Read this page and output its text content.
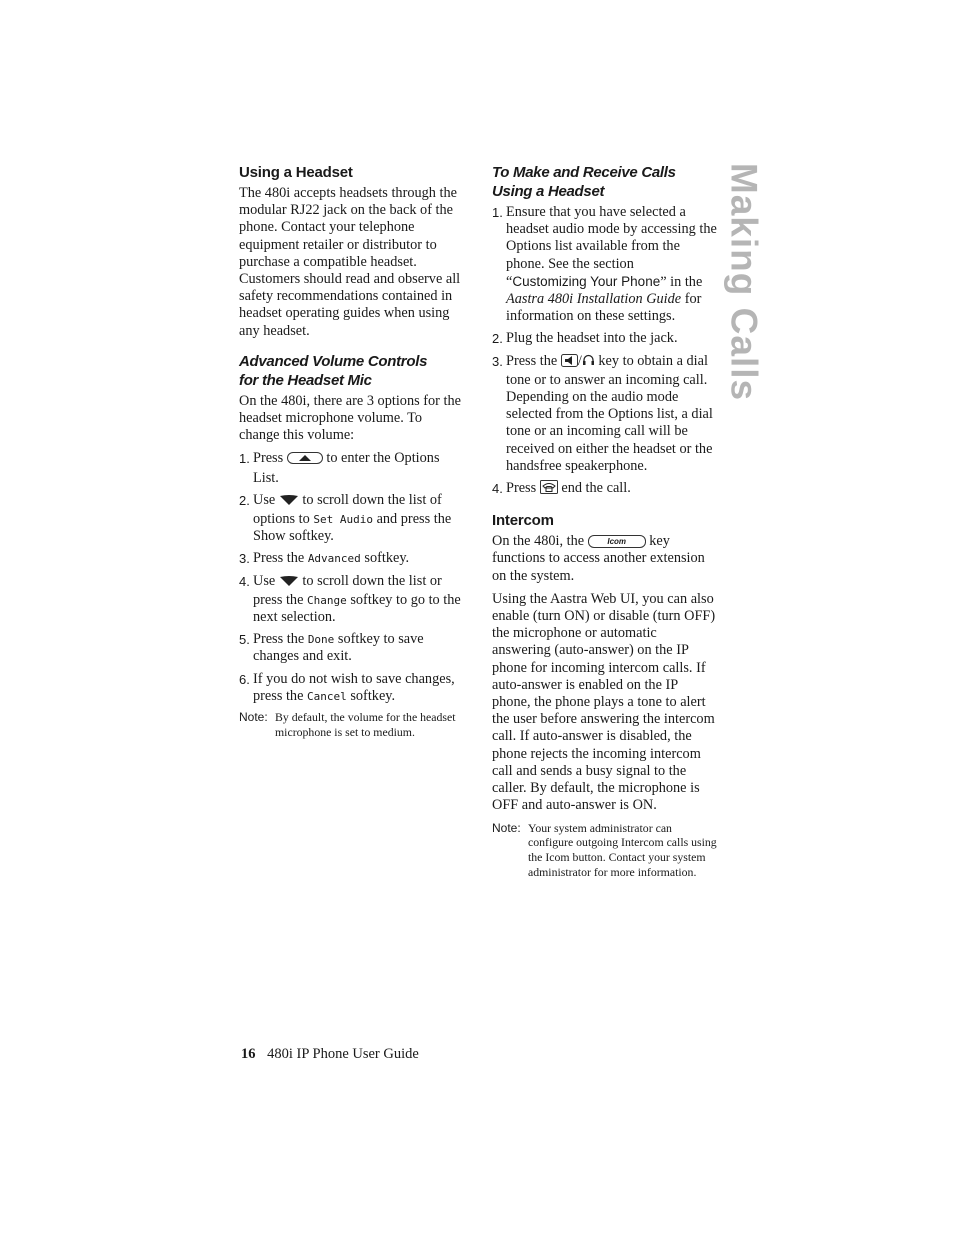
Using a Headset

The 480i accepts headsets through the modular RJ22 jack on the back of the phone. Contact your telephone equipment retailer or distributor to purchase a compatible headset. Customers should read and observe all safety recommendations contained in headset operating guides when using any headset.

Advanced Volume Controls
for the Headset Mic

On the 480i, there are 3 options for the headset microphone volume. To change this volume:

1. Press	to enter the Options List.
2. Use to scroll down the list of options to Set Audio and press the Show softkey.
3. Press the Advanced softkey.
4. Use to scroll down the list or press the Change softkey to go to the next selection.
5. Press the Done softkey to save changes and exit.
6. If you do not wish to save changes, press the Cancel softkey.
Note: By default, the volume for the headset microphone is set to medium.
To Make and Receive Calls
Using a Headset
1. Ensure that you have selected a headset audio mode by accessing the Options list available from the phone. See the section “Customizing Your Phone” in the Aastra 480i Installation Guide for information on these settings.
2. Plug the headset into the jack.
3. Press the / key to obtain a dial tone or to answer an incoming call. Depending on the audio mode selected from the Options list, a dial tone or an incoming call will be received on either the headset or the handsfree speakerphone.
4. Press end the call.
Intercom

On the 480i, the	Icom key functions to access another extension on the system.

Using the Aastra Web UI, you can also enable (turn ON) or disable (turn OFF) the microphone or automatic answering (auto-answer) on the IP phone for incoming intercom calls. If auto-answer is enabled on the IP phone, the phone plays a tone to alert the user before answering the intercom call. If auto-answer is disabled, the phone rejects the incoming intercom call and sends a busy signal to the caller. By default, the microphone is OFF and auto-answer is ON.

Note: Your system administrator can configure outgoing Intercom calls using the Icom button. Contact your system administrator for more information.
Making Calls
16 480i IP Phone User Guide
